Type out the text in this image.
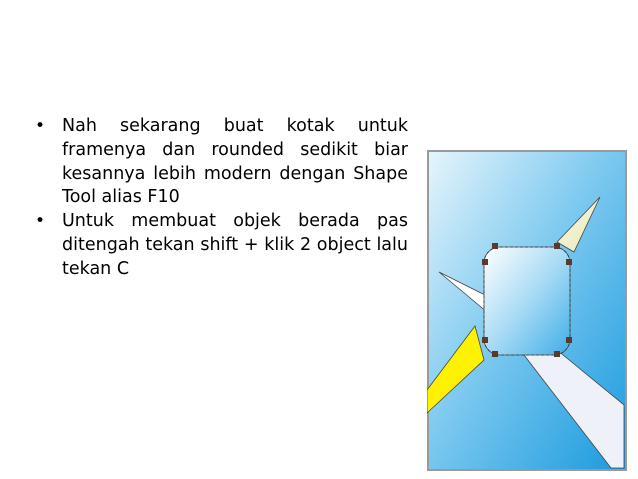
• Nah sekarang buat kotak untuk framenya dan rounded sedikit biar kesannya lebih modern dengan Shape Tool alias F10
• Untuk membuat objek berada pas ditengah tekan shift + klik 2 object lalu tekan C
